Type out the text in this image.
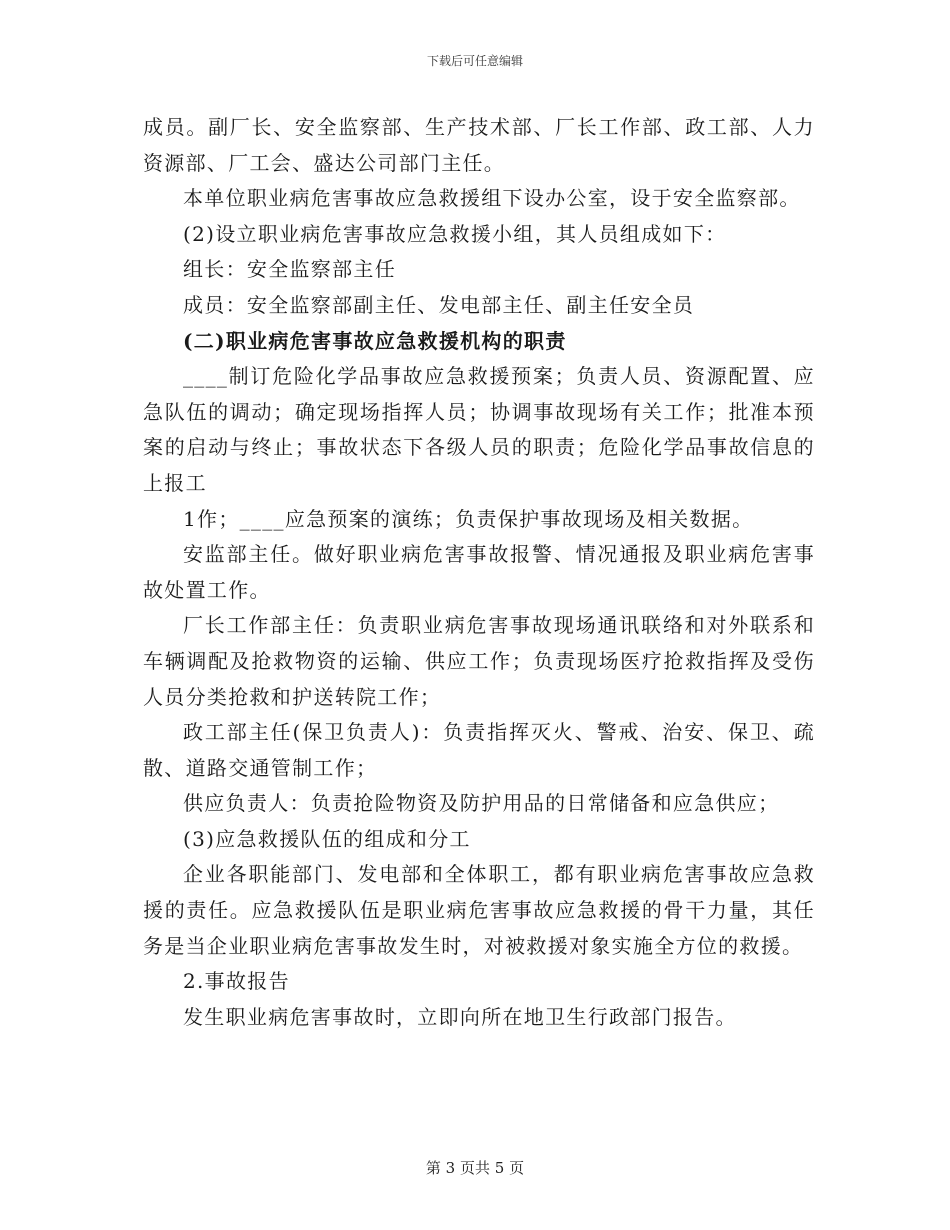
下载后可任意编辑

成员。副厂长、安全监察部、生产技术部、厂长工作部、政工部、人力资源部、厂工会、盛达公司部门主任。

本单位职业病危害事故应急救援组下设办公室，设于安全监察部。

(2)设立职业病危害事故应急救援小组，其人员组成如下：

组长：安全监察部主任

成员：安全监察部副主任、发电部主任、副主任安全员

(二)职业病危害事故应急救援机构的职责

____制订危险化学品事故应急救援预案；负责人员、资源配置、应急队伍的调动；确定现场指挥人员；协调事故现场有关工作；批准本预案的启动与终止；事故状态下各级人员的职责；危险化学品事故信息的上报工

1作；____应急预案的演练；负责保护事故现场及相关数据。

安监部主任。做好职业病危害事故报警、情况通报及职业病危害事故处置工作。

厂长工作部主任：负责职业病危害事故现场通讯联络和对外联系和车辆调配及抢救物资的运输、供应工作；负责现场医疗抢救指挥及受伤人员分类抢救和护送转院工作；

政工部主任(保卫负责人)：负责指挥灭火、警戒、治安、保卫、疏散、道路交通管制工作；

供应负责人：负责抢险物资及防护用品的日常储备和应急供应；

(3)应急救援队伍的组成和分工

企业各职能部门、发电部和全体职工，都有职业病危害事故应急救援的责任。应急救援队伍是职业病危害事故应急救援的骨干力量，其任务是当企业职业病危害事故发生时，对被救援对象实施全方位的救援。

2.事故报告

发生职业病危害事故时，立即向所在地卫生行政部门报告。

第 3 页共 5 页
